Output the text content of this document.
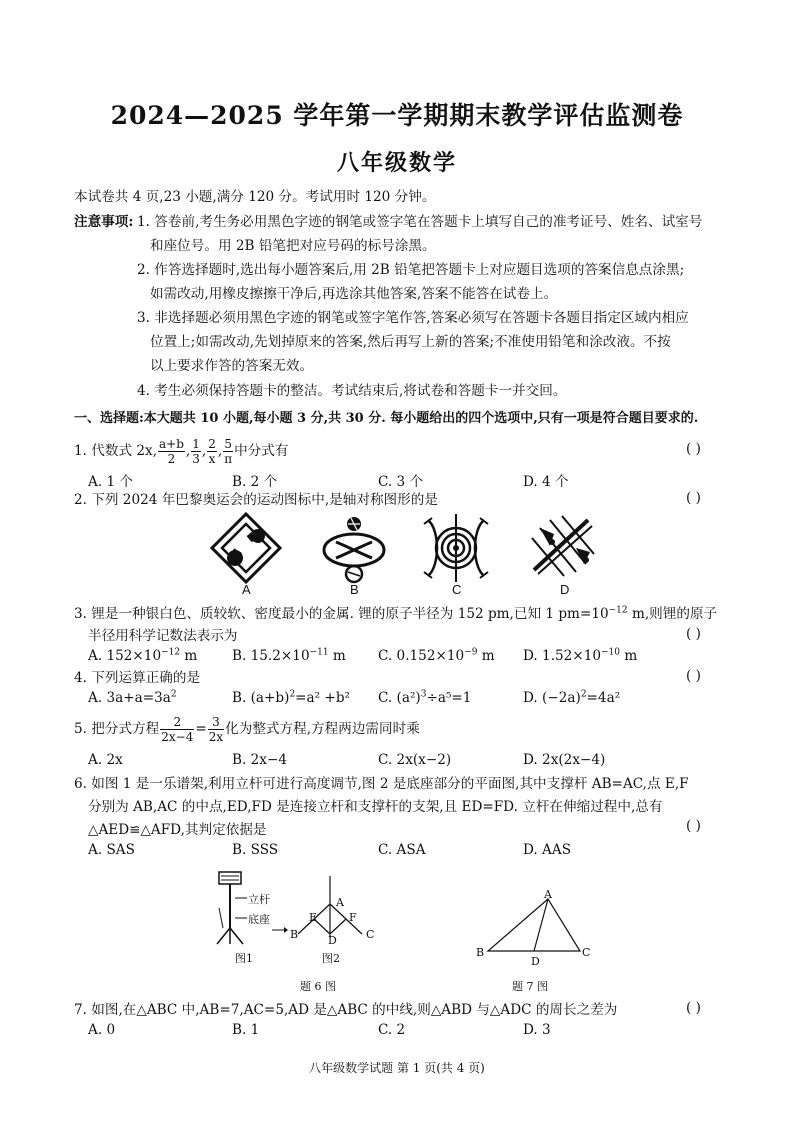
2024—2025 学年第一学期期末教学评估监测卷
八年级数学
本试卷共 4 页,23 小题,满分 120 分。考试用时 120 分钟。
注意事项: 1. 答卷前,考生务必用黑色字迹的钢笔或签字笔在答题卡上填写自己的准考证号、姓名、试室号
和座位号。用 2B 铅笔把对应号码的标号涂黑。
2. 作答选择题时,选出每小题答案后,用 2B 铅笔把答题卡上对应题目选项的答案信息点涂黑;
如需改动,用橡皮擦擦干净后,再选涂其他答案,答案不能答在试卷上。
3. 非选择题必须用黑色字迹的钢笔或签字笔作答,答案必须写在答题卡各题目指定区域内相应
位置上;如需改动,先划掉原来的答案,然后再写上新的答案;不准使用铅笔和涂改液。不按
以上要求作答的答案无效。
4. 考生必须保持答题卡的整洁。考试结束后,将试卷和答题卡一并交回。
一、选择题:本大题共 10 小题,每小题 3 分,共 30 分. 每小题给出的四个选项中,只有一项是符合题目要求的.
1. 代数式 2x, $\frac{a+b}{2}$ , $\frac{1}{3}$ , $\frac{2}{x}$ , $\frac{5}{\pi}$ 中分式有	( )
A. 1 个	B. 2 个	C. 3 个	D. 4 个
2. 下列 2024 年巴黎奥运会的运动图标中,是轴对称图形的是	( )
A	B	C	D
3. 锂是一种银白色、质较软、密度最小的金属. 锂的原子半径为 152 pm,已知 1 $pm=10^{-12}$ m,则锂的原子
半径用科学记数法表示为	( )
A. $152\times 10^{-12}$ m	B. $15.2\times 10^{-11}$ m C. $0.152\times 10^{-9}$ m D. $1.52\times 10^{-10}$ m
4. 下列运算正确的是	( )
A. $3a+a=3a^2$	B. $(a+b)^2=a^2 +b^2$ C. $(a^2)^3\div a^5=1$	D. $(-2a)^2=4a^2$
5. 把分式方程 $\frac{2}{2x-4} = \frac{3}{2x}$ 化为整式方程,方程两边需同时乘
A. 2x	B. 2x−4	C. 2x(x−2)	D. 2x(2x−4)
6. 如图 1 是一乐谱架,利用立杆可进行高度调节,图 2 是底座部分的平面图,其中支撑杆 AB=AC,点 E,F
分别为 AB,AC 的中点,ED,FD 是连接立杆和支撑杆的支架,且 ED=FD. 立杆在伸缩过程中,总有
△AED≌△AFD,其判定依据是	( )
A. SAS	B. SSS	C. ASA	D. AAS
立杆
底座
图1
A
B	C
D
E	F
图2
题 6 图
A
B
D
C
题 7 图
7. 如图,在△ABC 中,AB=7,AC=5,AD 是△ABC 的中线,则△ABD 与△ADC 的周长之差为	( )
A. 0	B. 1	C. 2	D. 3
八年级数学试题 第 1 页(共 4 页)
